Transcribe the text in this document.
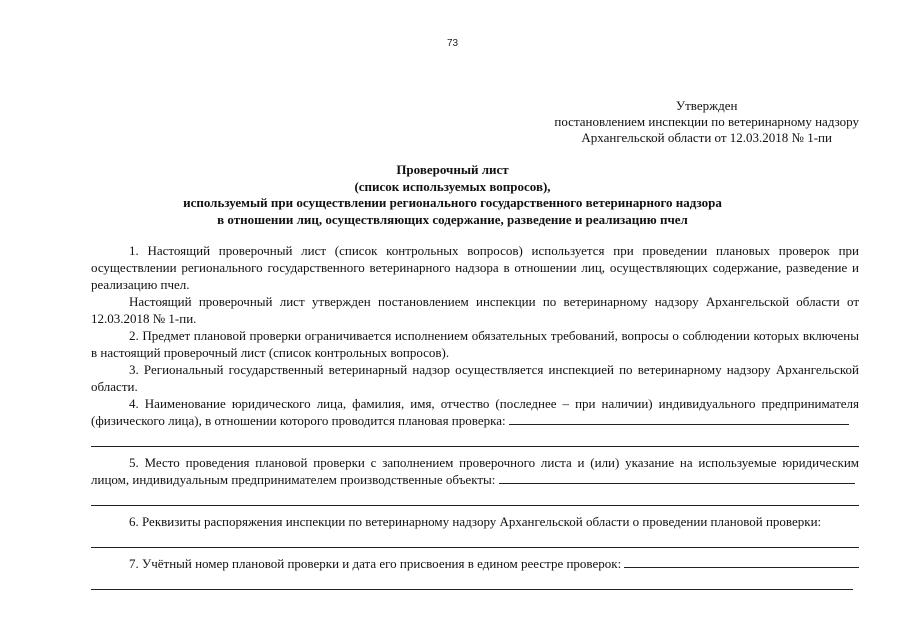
73
Утвержден
постановлением инспекции по ветеринарному надзору
Архангельской области от 12.03.2018 № 1-пи
Проверочный лист
(список используемых вопросов),
используемый при осуществлении регионального государственного ветеринарного надзора
в отношении лиц, осуществляющих содержание, разведение и реализацию пчел

1. Настоящий проверочный лист (список контрольных вопросов) используется при проведении плановых проверок при осуществлении регионального государственного ветеринарного надзора в отношении лиц, осуществляющих содержание, разведение и реализацию пчел.

Настоящий проверочный лист утвержден постановлением инспекции по ветеринарному надзору Архангельской области от 12.03.2018 № 1-пи.

2. Предмет плановой проверки ограничивается исполнением обязательных требований, вопросы о соблюдении которых включены в настоящий проверочный лист (список контрольных вопросов).

3. Региональный государственный ветеринарный надзор осуществляется инспекцией по ветеринарному надзору Архангельской области.

4. Наименование юридического лица, фамилия, имя, отчество (последнее – при наличии) индивидуального предпринимателя (физического лица), в отношении которого проводится плановая проверка:

5. Место проведения плановой проверки с заполнением проверочного листа и (или) указание на используемые юридическим лицом, индивидуальным предпринимателем производственные объекты:

6. Реквизиты распоряжения инспекции по ветеринарному надзору Архангельской области о проведении плановой проверки:

7. Учётный номер плановой проверки и дата его присвоения в едином реестре проверок:
